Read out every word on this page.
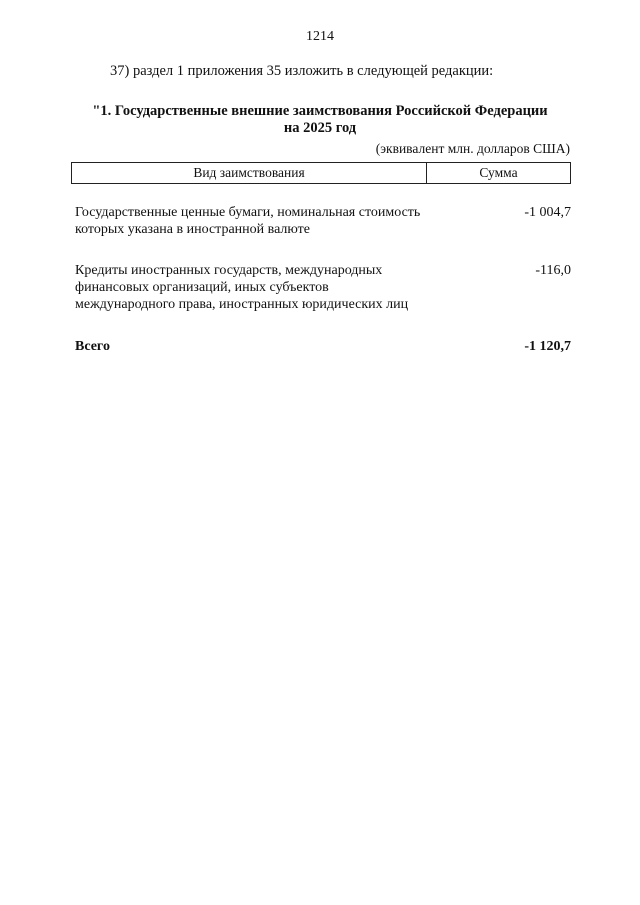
1214
37) раздел 1 приложения 35 изложить в следующей редакции:
"1. Государственные внешние заимствования Российской Федерации
на 2025 год
(эквивалент млн. долларов США)
Вид заимствования	Сумма
Государственные ценные бумаги, номинальная стоимость которых указана в иностранной валюте
-1 004,7
Кредиты иностранных государств, международных финансовых организаций, иных субъектов международного права, иностранных юридических лиц
-116,0
Всего	-1 120,7
